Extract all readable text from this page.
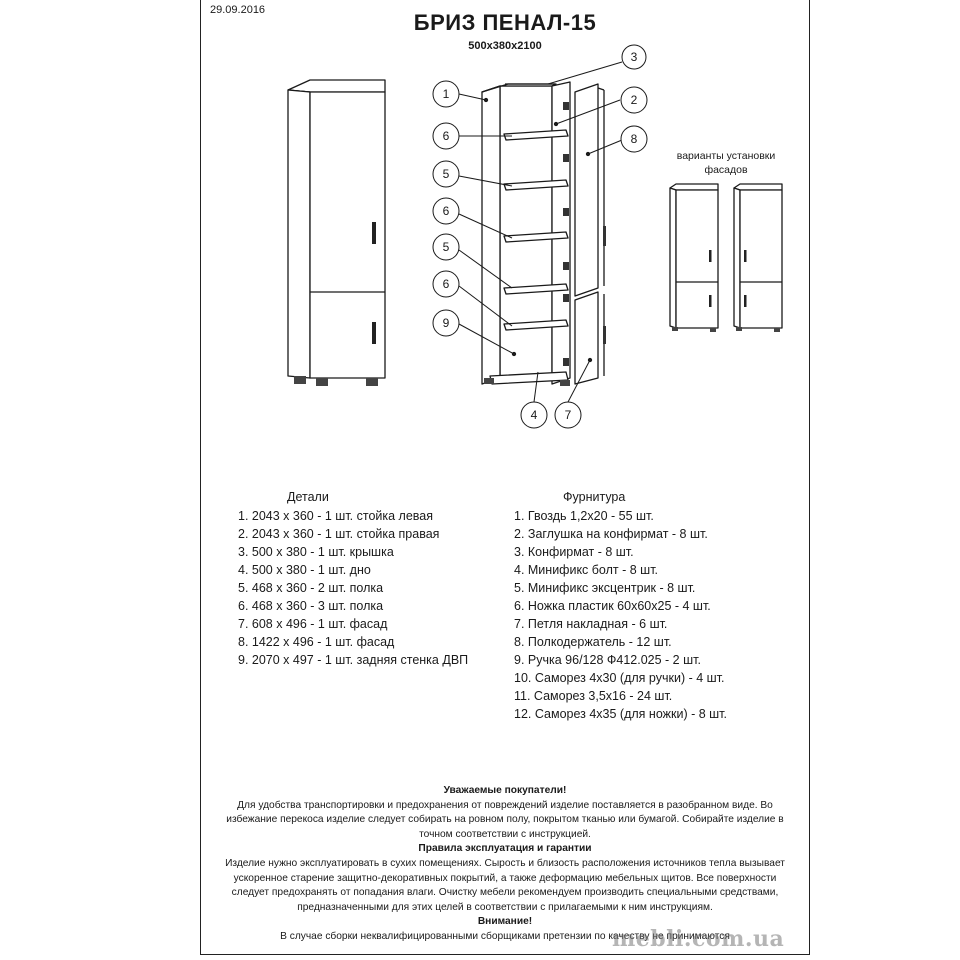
29.09.2016	БРИЗ ПЕНАЛ-15
500x380x2100
1	2
3
4
5
5
6
6
6
7
8
9
варианты установки фасадов
Детали
1. 2043 х 360 - 1 шт. стойка левая
2. 2043 х 360 - 1 шт. стойка правая
3. 500 х 380 - 1 шт. крышка
4. 500 х 380 - 1 шт. дно
5. 468 х 360 - 2 шт. полка
6. 468 х 360 - 3 шт. полка
7. 608 х 496 - 1 шт. фасад
8. 1422 х 496 - 1 шт. фасад
9. 2070 х 497 - 1 шт. задняя стенка ДВП
Фурнитура
1. Гвоздь 1,2х20 - 55 шт.
2. Заглушка на конфирмат - 8 шт.
3. Конфирмат - 8 шт.
4. Минификс болт - 8 шт.
5. Минификс эксцентрик - 8 шт.
6. Ножка пластик 60х60х25 - 4 шт.
7. Петля накладная - 6 шт.
8. Полкодержатель - 12 шт.
9. Ручка 96/128 Ф412.025 - 2 шт.
10. Саморез 4х30 (для ручки) - 4 шт.
11. Саморез 3,5х16 - 24 шт.
12. Саморез 4х35 (для ножки) - 8 шт.
Уважаемые покупатели!
Для удобства транспортировки и предохранения от повреждений изделие поставляется в разобранном виде. Во
избежание перекоса изделие следует собирать на ровном полу, покрытом тканью или бумагой. Собирайте изделие в
точном соответствии с инструкцией.
Правила эксплуатация и гарантии
Изделие нужно эксплуатировать в сухих помещениях. Сырость и близость расположения источников тепла вызывает
ускоренное старение защитно-декоративных покрытий, а также деформацию мебельных щитов. Все поверхности
следует предохранять от попадания влаги. Очистку мебели рекомендуем производить специальными средствами,
предназначенными для этих целей в соответствии с прилагаемыми к ним инструкциям.
Внимание!
В случае сборки неквалифицированными сборщиками претензии по качеству не принимаются
mebli.com.ua
